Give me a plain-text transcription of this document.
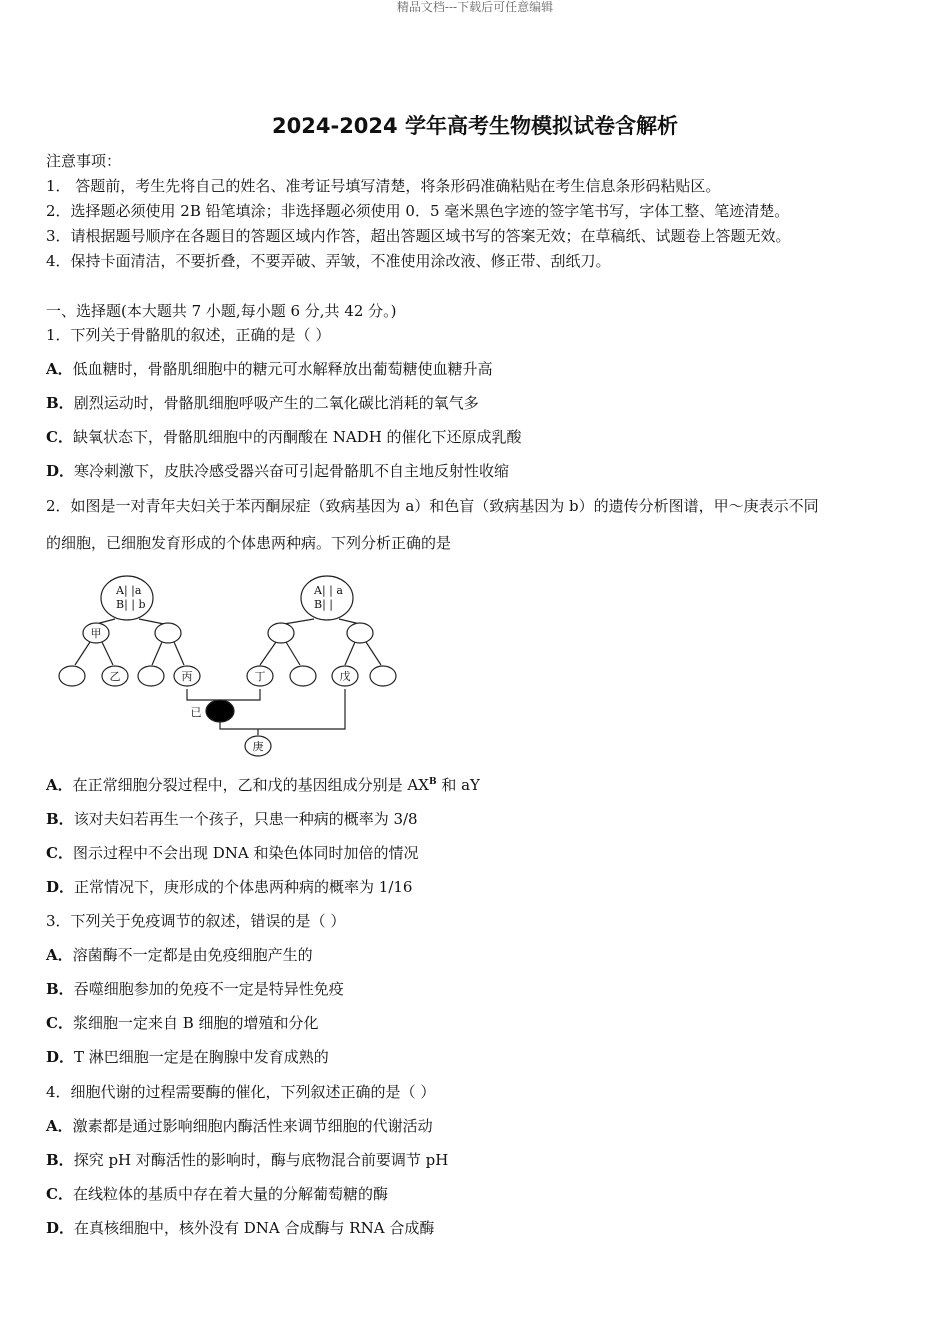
精品文档---下载后可任意编辑
2024-2024 学年高考生物模拟试卷含解析
注意事项：
1． 答题前，考生先将自己的姓名、准考证号填写清楚，将条形码准确粘贴在考生信息条形码粘贴区。
2．选择题必须使用 2B 铅笔填涂；非选择题必须使用 0．5 毫米黑色字迹的签字笔书写，字体工整、笔迹清楚。
3．请根据题号顺序在各题目的答题区域内作答，超出答题区域书写的答案无效；在草稿纸、试题卷上答题无效。
4．保持卡面清洁，不要折叠，不要弄破、弄皱，不准使用涂改液、修正带、刮纸刀。
一、选择题(本大题共 7 小题,每小题 6 分,共 42 分。)
1．下列关于骨骼肌的叙述，正确的是（ ）
A．低血糖时，骨骼肌细胞中的糖元可水解释放出葡萄糖使血糖升高
B．剧烈运动时，骨骼肌细胞呼吸产生的二氧化碳比消耗的氧气多
C．缺氧状态下，骨骼肌细胞中的丙酮酸在 NADH 的催化下还原成乳酸
D．寒冷刺激下，皮肤冷感受器兴奋可引起骨骼肌不自主地反射性收缩
2．如图是一对青年夫妇关于苯丙酮尿症（致病基因为 a）和色盲（致病基因为 b）的遗传分析图谱，甲～庚表示不同
的细胞，已细胞发育形成的个体患两种病。下列分析正确的是
A| |a
B| | b
A| | a
B| |
甲
乙	丙	丁	戊
已
庚
A．在正常细胞分裂过程中，乙和戊的基因组成分别是 $AX^B$ 和 aY
B．该对夫妇若再生一个孩子，只患一种病的概率为 3/8
C．图示过程中不会出现 DNA 和染色体同时加倍的情况
D．正常情况下，庚形成的个体患两种病的概率为 1/16
3．下列关于免疫调节的叙述，错误的是（ ）
A．溶菌酶不一定都是由免疫细胞产生的
B．吞噬细胞参加的免疫不一定是特异性免疫
C．浆细胞一定来自 B 细胞的增殖和分化
D．T 淋巴细胞一定是在胸腺中发育成熟的
4．细胞代谢的过程需要酶的催化，下列叙述正确的是（ ）
A．激素都是通过影响细胞内酶活性来调节细胞的代谢活动
B．探究 pH 对酶活性的影响时，酶与底物混合前要调节 pH
C．在线粒体的基质中存在着大量的分解葡萄糖的酶
D．在真核细胞中，核外没有 DNA 合成酶与 RNA 合成酶
